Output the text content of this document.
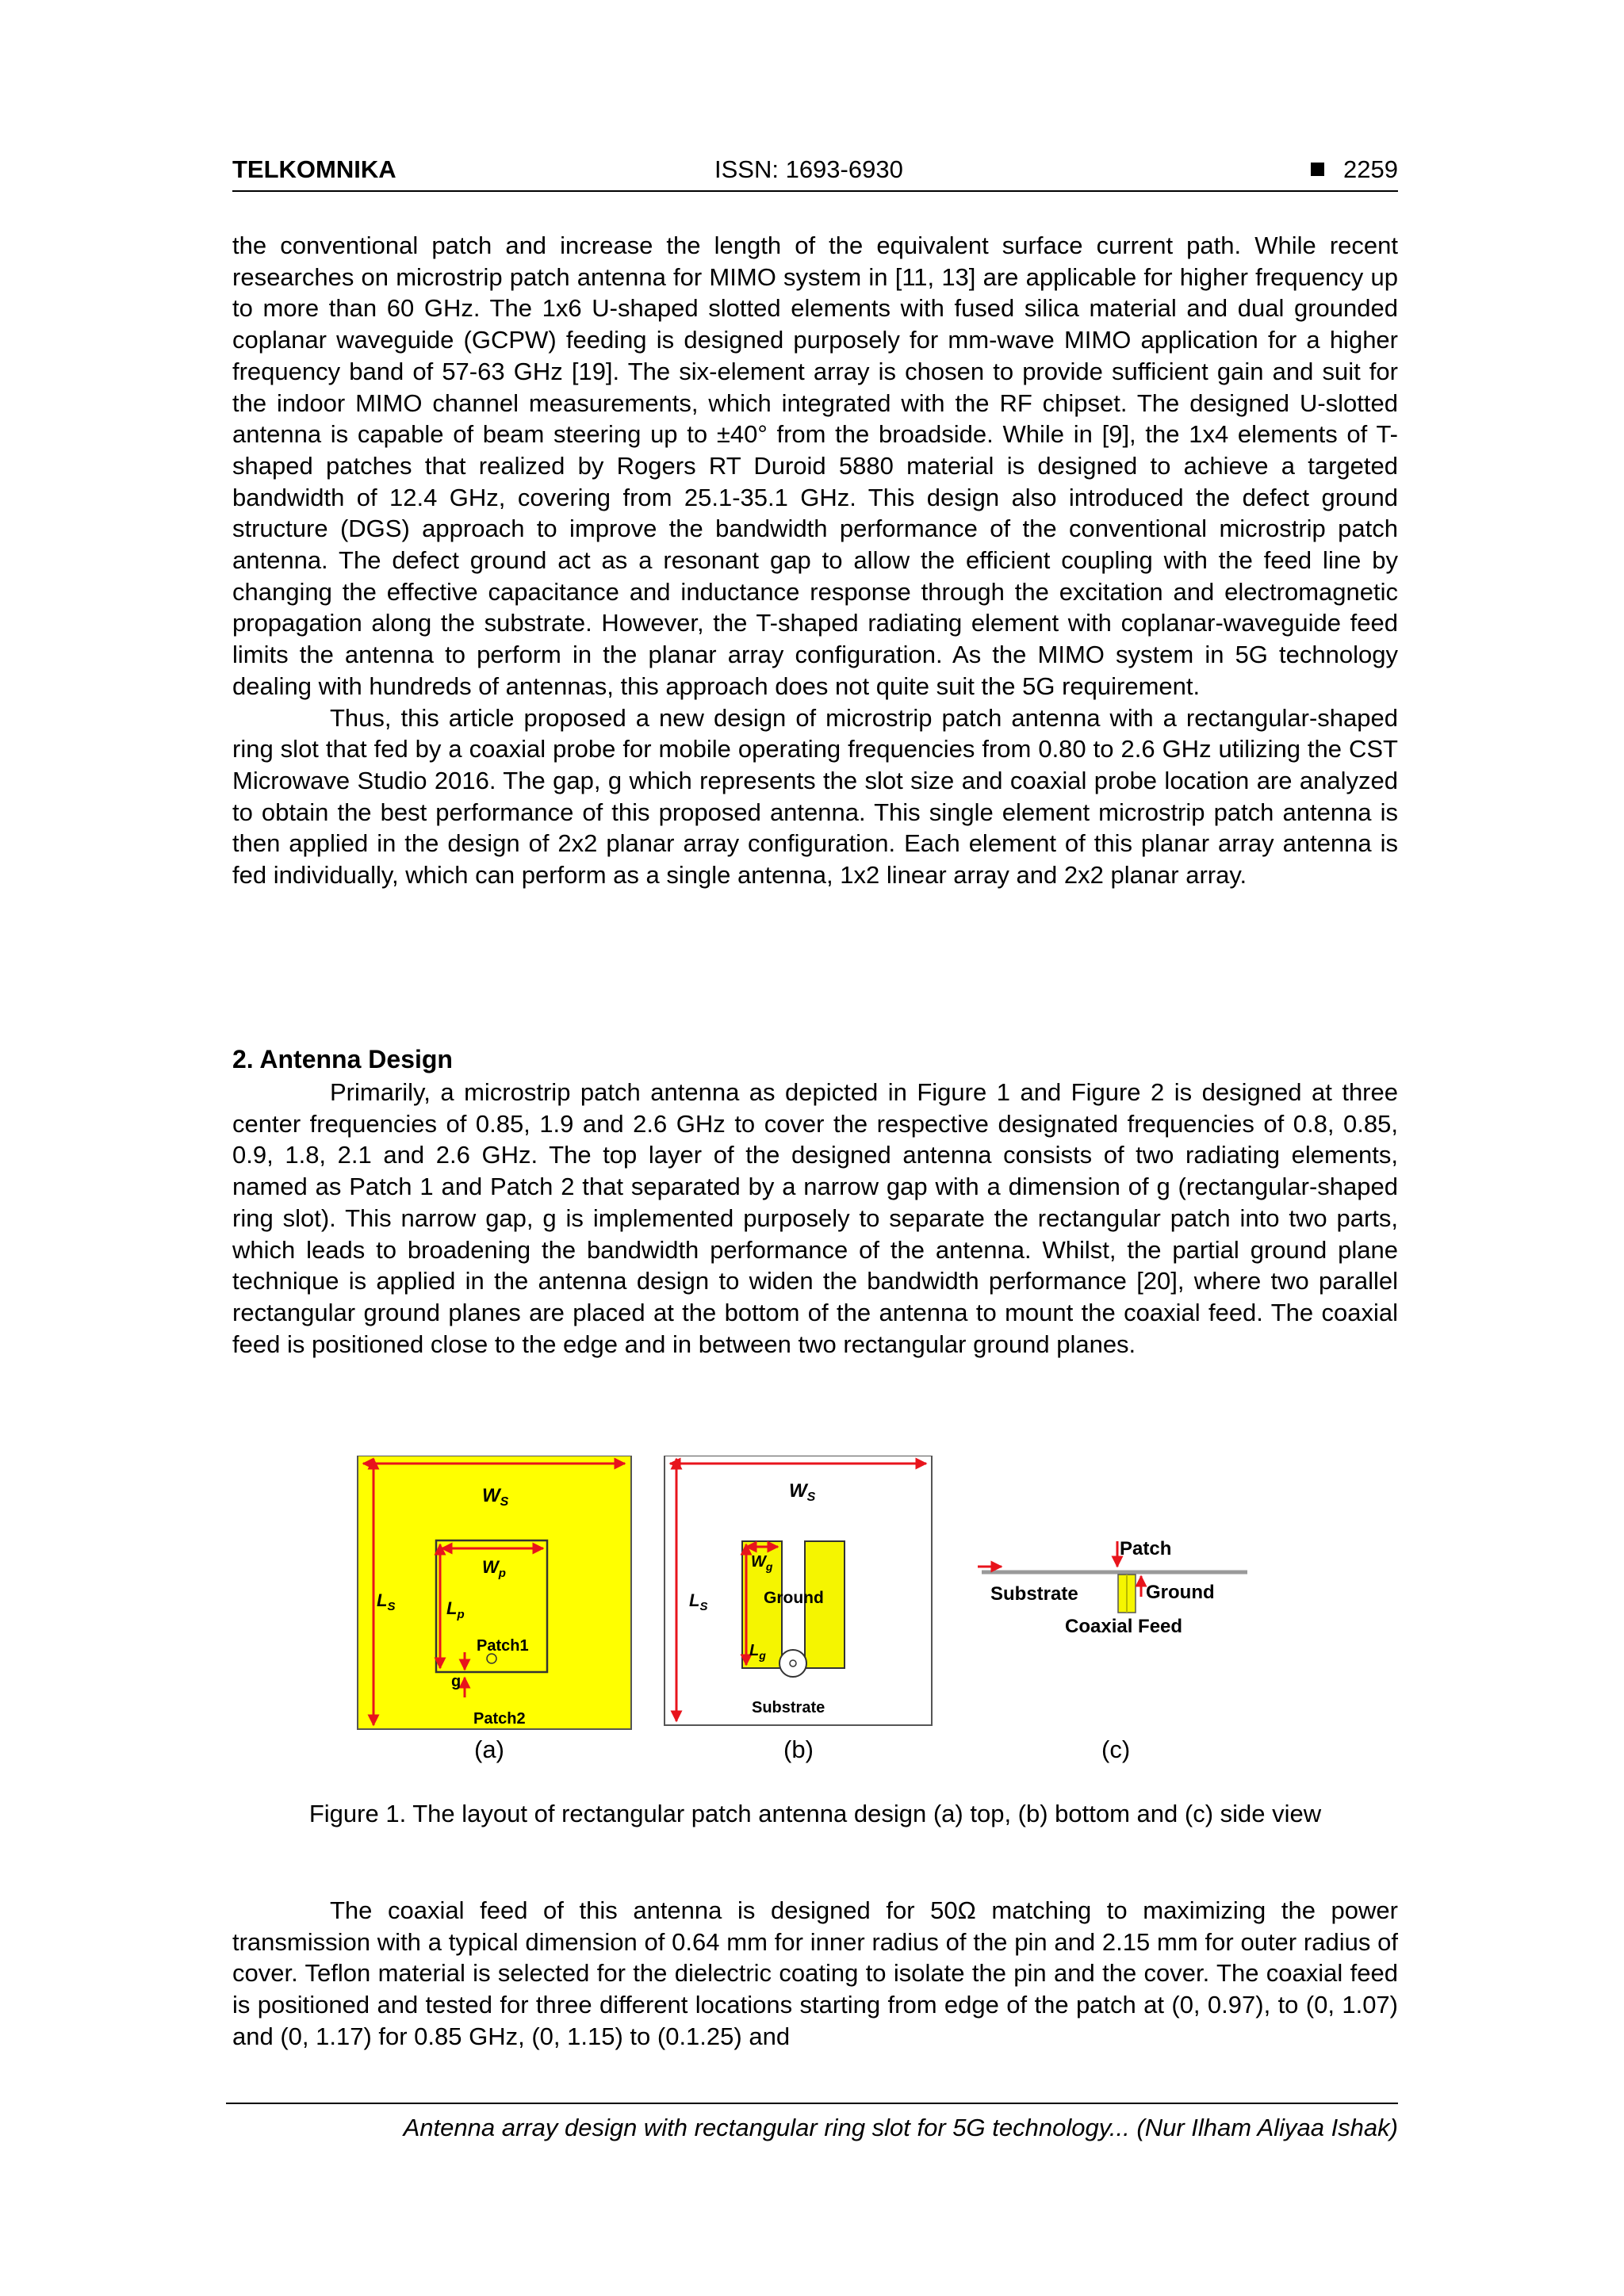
TELKOMNIKA	ISSN: 1693-6930	2259

the conventional patch and increase the length of the equivalent surface current path. While recent researches on microstrip patch antenna for MIMO system in [11, 13] are applicable for higher frequency up to more than 60 GHz. The 1x6 U-shaped slotted elements with fused silica material and dual grounded coplanar waveguide (GCPW) feeding is designed purposely for mm-wave MIMO application for a higher frequency band of 57-63 GHz [19]. The six-element array is chosen to provide sufficient gain and suit for the indoor MIMO channel measurements, which integrated with the RF chipset. The designed U-slotted antenna is capable of beam steering up to ±40° from the broadside. While in [9], the 1x4 elements of T-shaped patches that realized by Rogers RT Duroid 5880 material is designed to achieve a targeted bandwidth of 12.4 GHz, covering from 25.1-35.1 GHz. This design also introduced the defect ground structure (DGS) approach to improve the bandwidth performance of the conventional microstrip patch antenna. The defect ground act as a resonant gap to allow the efficient coupling with the feed line by changing the effective capacitance and inductance response through the excitation and electromagnetic propagation along the substrate. However, the T-shaped radiating element with coplanar-waveguide feed limits the antenna to perform in the planar array configuration. As the MIMO system in 5G technology dealing with hundreds of antennas, this approach does not quite suit the 5G requirement.

Thus, this article proposed a new design of microstrip patch antenna with a rectangular-shaped ring slot that fed by a coaxial probe for mobile operating frequencies from 0.80 to 2.6 GHz utilizing the CST Microwave Studio 2016. The gap, g which represents the slot size and coaxial probe location are analyzed to obtain the best performance of this proposed antenna. This single element microstrip patch antenna is then applied in the design of 2x2 planar array configuration. Each element of this planar array antenna is fed individually, which can perform as a single antenna, 1x2 linear array and 2x2 planar array.

2. Antenna Design

Primarily, a microstrip patch antenna as depicted in Figure 1 and Figure 2 is designed at three center frequencies of 0.85, 1.9 and 2.6 GHz to cover the respective designated frequencies of 0.8, 0.85, 0.9, 1.8, 2.1 and 2.6 GHz. The top layer of the designed antenna consists of two radiating elements, named as Patch 1 and Patch 2 that separated by a narrow gap with a dimension of g (rectangular-shaped ring slot). This narrow gap, g is implemented purposely to separate the rectangular patch into two parts, which leads to broadening the bandwidth performance of the antenna. Whilst, the partial ground plane technique is applied in the antenna design to widen the bandwidth performance [20], where two parallel rectangular ground planes are placed at the bottom of the antenna to mount the coaxial feed. The coaxial feed is positioned close to the edge and in between two rectangular ground planes.

$W_S$
$W_p$
$L_S$	$L_p$
Patch1
g
Patch2
$W_S$
$W_g$
$L_S$
$L_g$
Ground
Substrate
Patch
Substrate	Ground
Coaxial Feed
(a)	(b)	(c)
Figure 1. The layout of rectangular patch antenna design (a) top, (b) bottom and (c) side view

The coaxial feed of this antenna is designed for 50Ω matching to maximizing the power transmission with a typical dimension of 0.64 mm for inner radius of the pin and 2.15 mm for outer radius of cover. Teflon material is selected for the dielectric coating to isolate the pin and the cover. The coaxial feed is positioned and tested for three different locations starting from edge of the patch at (0, 0.97), to (0, 1.07) and (0, 1.17) for 0.85 GHz, (0, 1.15) to (0.1.25) and

Antenna array design with rectangular ring slot for 5G technology... (Nur Ilham Aliyaa Ishak)
